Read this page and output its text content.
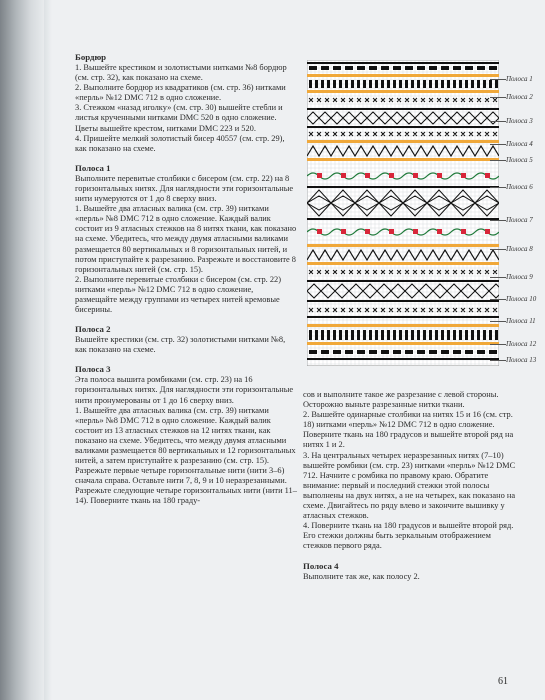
Бордюр

1. Вышейте крестиком и золотистыми нитками №8 бордюр (см. стр. 32), как показано на схеме.

2. Выполните бордюр из квадратиков (см. стр. 36) нитками «перль» №12 DMC 712 в одно сложение.

3. Стежком «назад иголку» (см. стр. 30) вышейте стебли и листья крученными нитками DMC 520 в одно сложение. Цветы вышейте крестом, нитками DMC 223 и 520.

4. Пришейте мелкий золотистый бисер 40557 (см. стр. 29), как показано на схеме.

Полоса 1

Выполните перевитые столбики с бисером (см. стр. 22) на 8 горизонтальных нитях. Для наглядности эти горизонтальные нити нумеруются от 1 до 8 сверху вниз.

1. Вышейте два атласных валика (см. стр. 39) нитками «перль» №8 DMC 712 в одно сложение. Каждый валик состоит из 9 атласных стежков на 8 нитях ткани, как показано на схеме. Убедитесь, что между двумя атласными валиками размещается 80 вертикальных и 8 горизонтальных нитей, и потом приступайте к разрезанию. Разрежьте и восстановите 8 горизонтальных нитей (см. стр. 15).

2. Выполните перевитые столбики с бисером (см. стр. 22) нитками «перль» №12 DMC 712 в одно сложение, размещайте между группами из четырех нитей кремовые бисерины.

Полоса 2

Вышейте крестики (см. стр. 32) золотистыми нитками №8, как показано на схеме.

Полоса 3

Эта полоса вышита ромбиками (см. стр. 23) на 16 горизонтальных нитях. Для наглядности эти горизонтальные нити пронумерованы от 1 до 16 сверху вниз.

1. Вышейте два атласных валика (см. стр. 39) нитками «перль» №8 DMC 712 в одно сложение. Каждый валик состоит из 13 атласных стежков на 12 нитях ткани, как показано на схеме. Убедитесь, что между двумя атласными валиками размещается 80 вертикальных и 12 горизонтальных нитей, а затем приступайте к разрезанию (см. стр. 15). Разрежьте первые четыре горизонтальные нити (нити 3–6) сначала справа. Оставьте нити 7, 8, 9 и 10 неразрезанными. Разрежьте следующие четыре горизонтальных нити (нити 11–14). Повернитe ткань на 180 граду-

сов и выполните такое же разрезание с левой стороны. Осторожно выньте разрезанные нитки ткани.

2. Вышейте одинарные столбики на нитях 15 и 16 (см. стр. 18) нитками «перль» №12 DMC 712 в одно сложение. Поверните ткань на 180 градусов и вышейте второй ряд на нитях 1 и 2.

3. На центральных четырех неразрезанных нитях (7–10) вышейте ромбики (см. стр. 23) нитками «перль» №12 DMC 712. Начните с ромбика по правому краю. Обратите внимание: первый и последний стежки этой полосы выполнены на двух нитях, а не на четырех, как показано на схеме. Двигайтесь по ряду влево и закончите вышивку у атласных стежков.

4. Поверните ткань на 180 градусов и вышейте второй ряд. Его стежки должны быть зеркальным отображением стежков первого ряда.

Полоса 4

Выполните так же, как полосу 2.

Полоса 1
Полоса 2
Полоса 3
Полоса 4
Полоса 5
Полоса 6
Полоса 7
Полоса 8
Полоса 9
Полоса 10
Полоса 11
Полоса 12
Полоса 13
61
